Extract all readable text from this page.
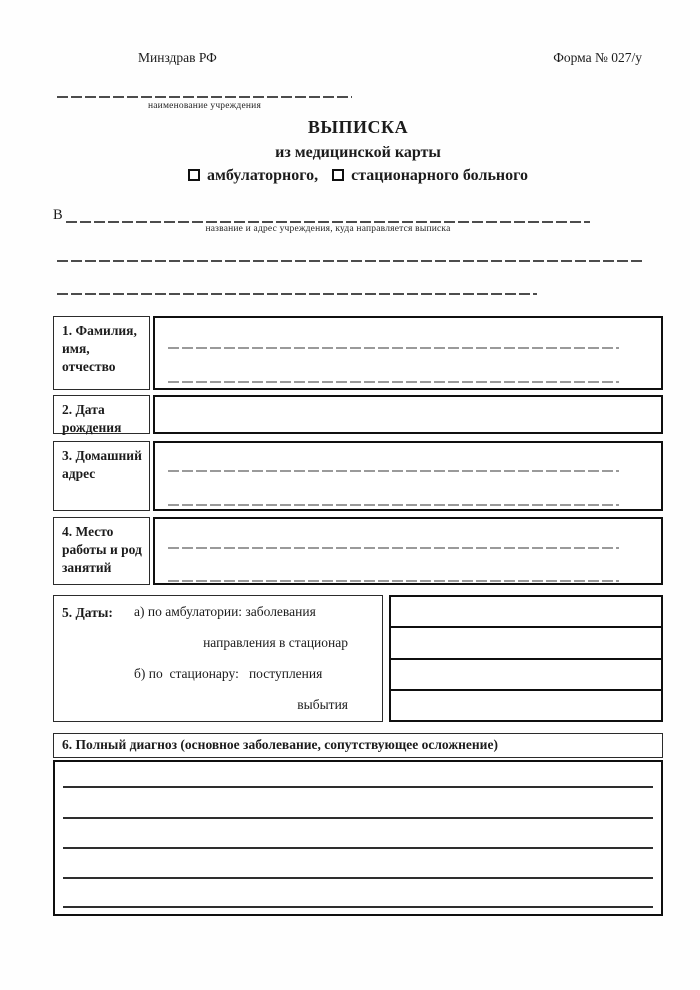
Минздрав РФ	Форма № 027/у
наименование учреждения
ВЫПИСКА
из медицинской карты
амбулаторного, стационарного больного
В
название и адрес учреждения, куда направляется выписка
1. Фамилия, имя, отчество
2. Дата рождения
3. Домашний адрес
4. Место работы и род занятий
5. Даты:	а) по амбулатории: заболевания
направления в стационар
б) по  стационару:   поступления
выбытия
6. Полный диагноз (основное заболевание, сопутствующее осложнение)
